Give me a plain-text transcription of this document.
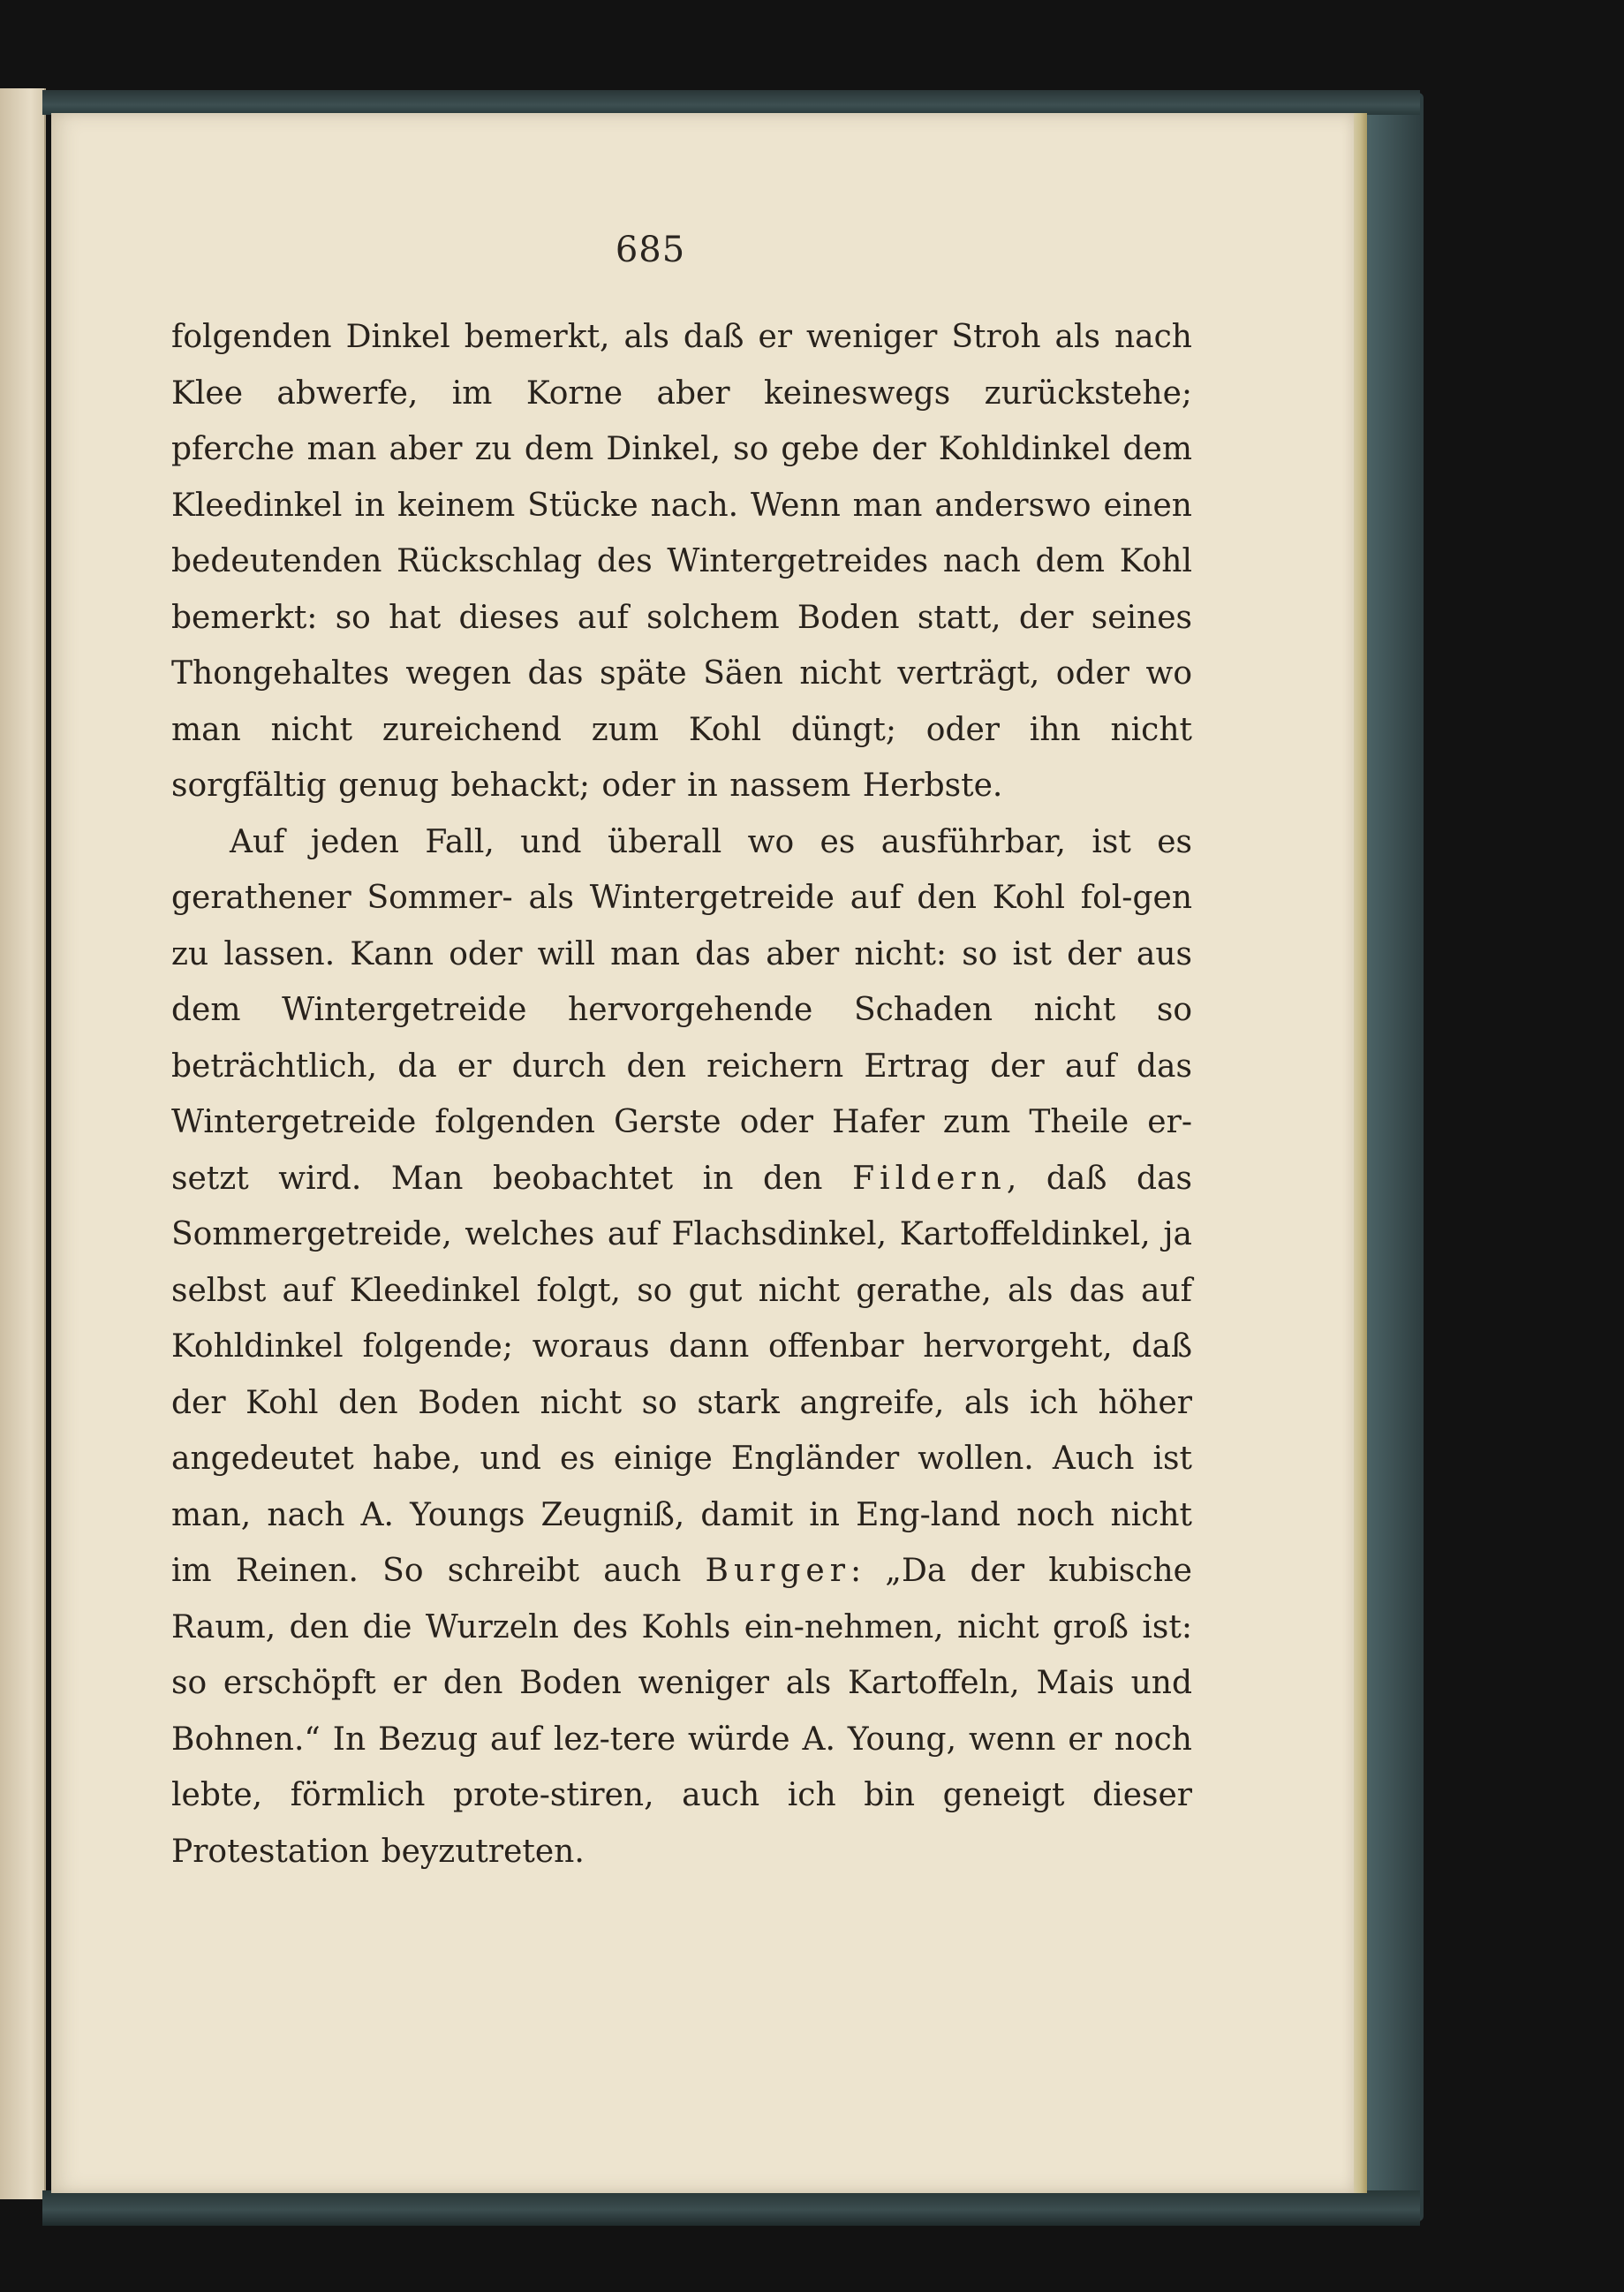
685

folgenden Dinkel bemerkt, als daß er weniger Stroh als nach Klee abwerfe, im Korne aber keineswegs zurückstehe; pferche man aber zu dem Dinkel, so gebe der Kohldinkel dem Kleedinkel in keinem Stücke nach. Wenn man anderswo einen bedeutenden Rückschlag des Wintergetreides nach dem Kohl bemerkt: so hat dieses auf solchem Boden statt, der seines Thongehaltes wegen das späte Säen nicht verträgt, oder wo man nicht zureichend zum Kohl düngt; oder ihn nicht sorgfältig genug behackt; oder in nassem Herbste.

Auf jeden Fall, und überall wo es ausführbar, ist es gerathener Sommer- als Wintergetreide auf den Kohl fol-gen zu lassen. Kann oder will man das aber nicht: so ist der aus dem Wintergetreide hervorgehende Schaden nicht so beträchtlich, da er durch den reichern Ertrag der auf das Wintergetreide folgenden Gerste oder Hafer zum Theile er-setzt wird. Man beobachtet in den Fildern, daß das Sommergetreide, welches auf Flachsdinkel, Kartoffeldinkel, ja selbst auf Kleedinkel folgt, so gut nicht gerathe, als das auf Kohldinkel folgende; woraus dann offenbar hervorgeht, daß der Kohl den Boden nicht so stark angreife, als ich höher angedeutet habe, und es einige Engländer wollen. Auch ist man, nach A. Youngs Zeugniß, damit in Eng-land noch nicht im Reinen. So schreibt auch Burger: „Da der kubische Raum, den die Wurzeln des Kohls ein-nehmen, nicht groß ist: so erschöpft er den Boden weniger als Kartoffeln, Mais und Bohnen.“ In Bezug auf lez-tere würde A. Young, wenn er noch lebte, förmlich prote-stiren, auch ich bin geneigt dieser Protestation beyzutreten.
